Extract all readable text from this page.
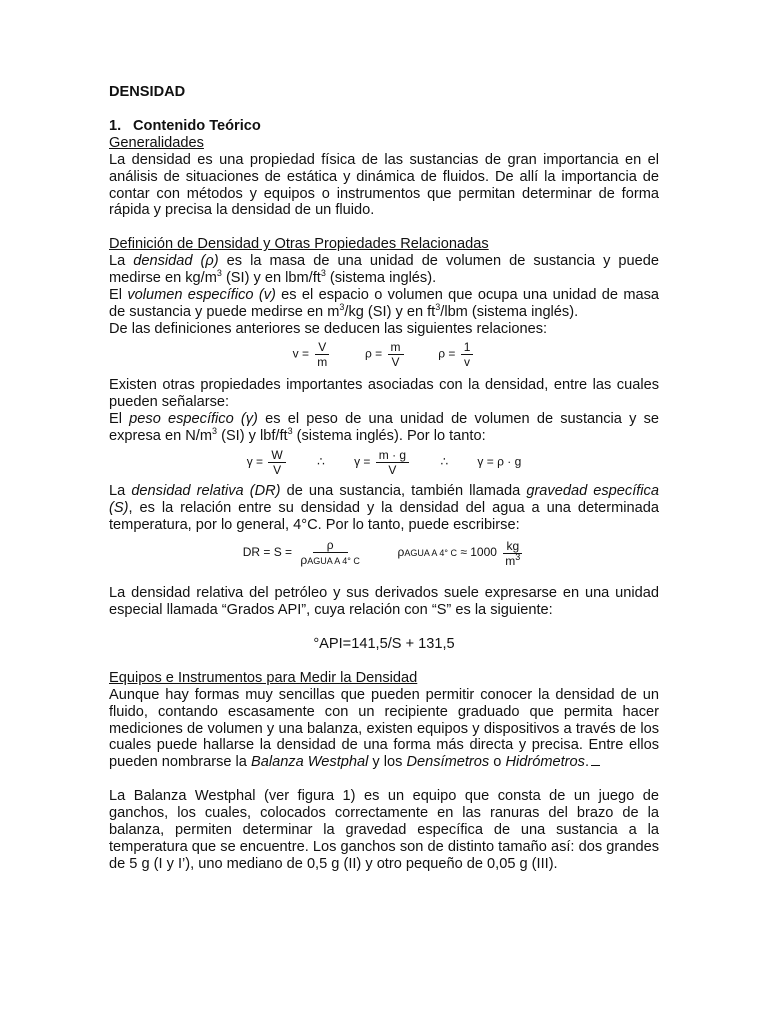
DENSIDAD
1. Contenido Teórico
Generalidades

La densidad es una propiedad física de las sustancias de gran importancia en el análisis de situaciones de estática y dinámica de fluidos. De allí la importancia de contar con métodos y equipos o instrumentos que permitan determinar de forma rápida y precisa la densidad de un fluido.

Definición de Densidad y Otras Propiedades Relacionadas

La densidad (ρ) es la masa de una unidad de volumen de sustancia y puede medirse en $kg/m^3$ (SI) y en lbm/$ft^3$ (sistema inglés).

El volumen específico (v) es el espacio o volumen que ocupa una unidad de masa de sustancia y puede medirse en $m^3/kg$ (SI) y en $ft^3$/lbm (sistema inglés).

De las definiciones anteriores se deducen las siguientes relaciones:

$v = \frac{V}{m}$	$\rho = \frac{m}{V}$	$\rho = \frac{1}{v}$

Existen otras propiedades importantes asociadas con la densidad, entre las cuales pueden señalarse:

El peso específico (γ) es el peso de una unidad de volumen de sustancia y se expresa en $N/m^3$ (SI) y lbf/$ft^3$ (sistema inglés). Por lo tanto:

$\gamma = \frac{W}{V}$	∴ $\gamma = \frac{m \cdot g}{V}$	∴ γ = ρ · g

La densidad relativa (DR) de una sustancia, también llamada gravedad específica (S), es la relación entre su densidad y la densidad del agua a una determinada temperatura, por lo general, 4°C. Por lo tanto, puede escribirse:

DR = $S = \frac{\rho}{\text{ρAGUA A 4° C}}$	ρAGUA A 4° $C \approx 1000 \frac{kg}{m^3}$

La densidad relativa del petróleo y sus derivados suele expresarse en una unidad especial llamada “Grados API”, cuya relación con “S” es la siguiente:

°API=141,5/S + 131,5
Equipos e Instrumentos para Medir la Densidad

Aunque hay formas muy sencillas que pueden permitir conocer la densidad de un fluido, contando escasamente con un recipiente graduado que permita hacer mediciones de volumen y una balanza, existen equipos y dispositivos a través de los cuales puede hallarse la densidad de una forma más directa y precisa. Entre ellos pueden nombrarse la Balanza Westphal y los Densímetros o Hidrómetros.

La Balanza Westphal (ver figura 1) es un equipo que consta de un juego de ganchos, los cuales, colocados correctamente en las ranuras del brazo de la balanza, permiten determinar la gravedad específica de una sustancia a la temperatura que se encuentre. Los ganchos son de distinto tamaño así: dos grandes de 5 g (I y I’), uno mediano de 0,5 g (II) y otro pequeño de 0,05 g (III).
